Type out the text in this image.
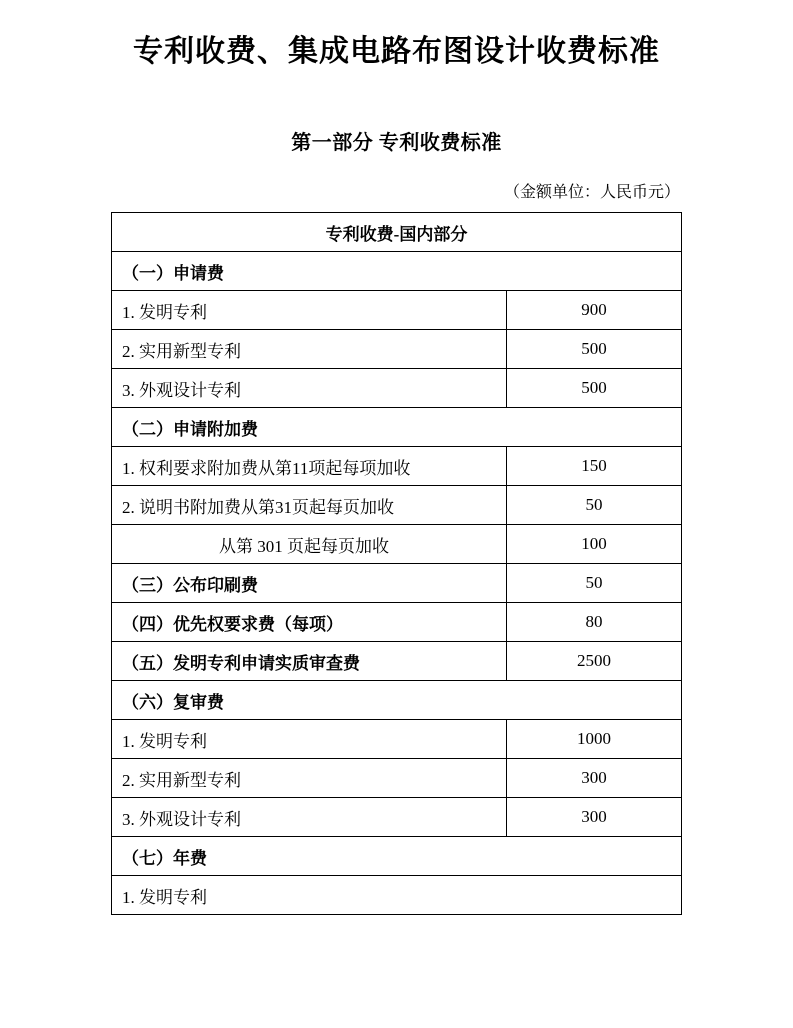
专利收费、集成电路布图设计收费标准
第一部分 专利收费标准
（金额单位：人民币元）
专利收费-国内部分	
（一）申请费	
1. 发明专利	900
2. 实用新型专利	500
3. 外观设计专利	500
（二）申请附加费	
1. 权利要求附加费从第11项起每项加收	150
2. 说明书附加费从第31页起每页加收	50
从第 301 页起每页加收	100
（三）公布印刷费	50
（四）优先权要求费（每项）	80
（五）发明专利申请实质审查费	2500
（六）复审费	
1. 发明专利	1000
2. 实用新型专利	300
3. 外观设计专利	300
（七）年费	
1. 发明专利	
